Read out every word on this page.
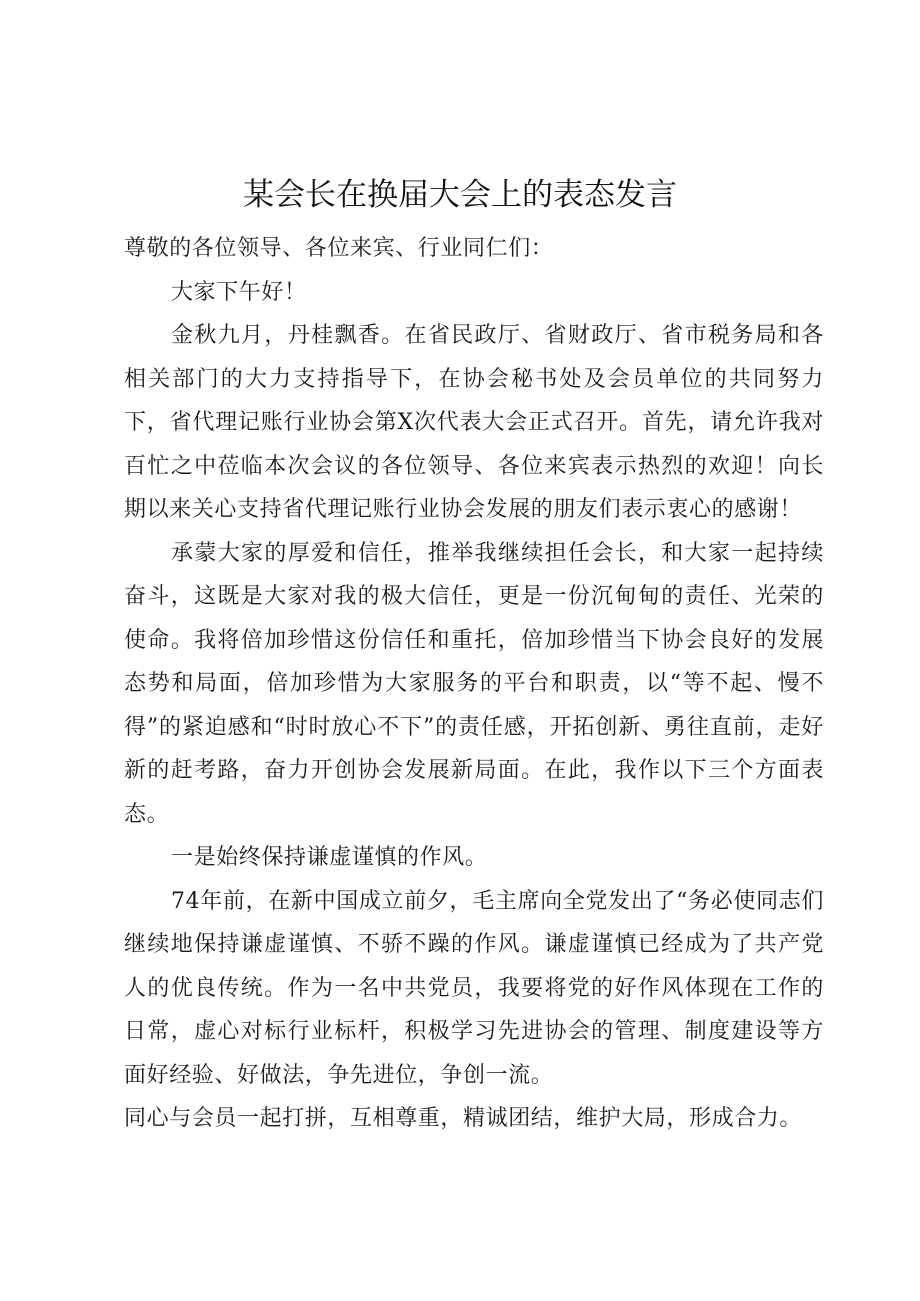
某会长在换届大会上的表态发言

尊敬的各位领导、各位来宾、行业同仁们：

大家下午好！

金秋九月，丹桂飘香。在省民政厅、省财政厅、省市税务局和各相关部门的大力支持指导下，在协会秘书处及会员单位的共同努力下，省代理记账行业协会第X次代表大会正式召开。首先，请允许我对百忙之中莅临本次会议的各位领导、各位来宾表示热烈的欢迎！向长期以来关心支持省代理记账行业协会发展的朋友们表示衷心的感谢！

承蒙大家的厚爱和信任，推举我继续担任会长，和大家一起持续奋斗，这既是大家对我的极大信任，更是一份沉甸甸的责任、光荣的使命。我将倍加珍惜这份信任和重托，倍加珍惜当下协会良好的发展态势和局面，倍加珍惜为大家服务的平台和职责，以“等不起、慢不得”的紧迫感和“时时放心不下”的责任感，开拓创新、勇往直前，走好新的赶考路，奋力开创协会发展新局面。在此，我作以下三个方面表态。

一是始终保持谦虚谨慎的作风。

74年前，在新中国成立前夕，毛主席向全党发出了“务必使同志们继续地保持谦虚谨慎、不骄不躁的作风。谦虚谨慎已经成为了共产党人的优良传统。作为一名中共党员，我要将党的好作风体现在工作的日常，虚心对标行业标杆，积极学习先进协会的管理、制度建设等方面好经验、好做法，争先进位，争创一流。

同心与会员一起打拼，互相尊重，精诚团结，维护大局，形成合力。
